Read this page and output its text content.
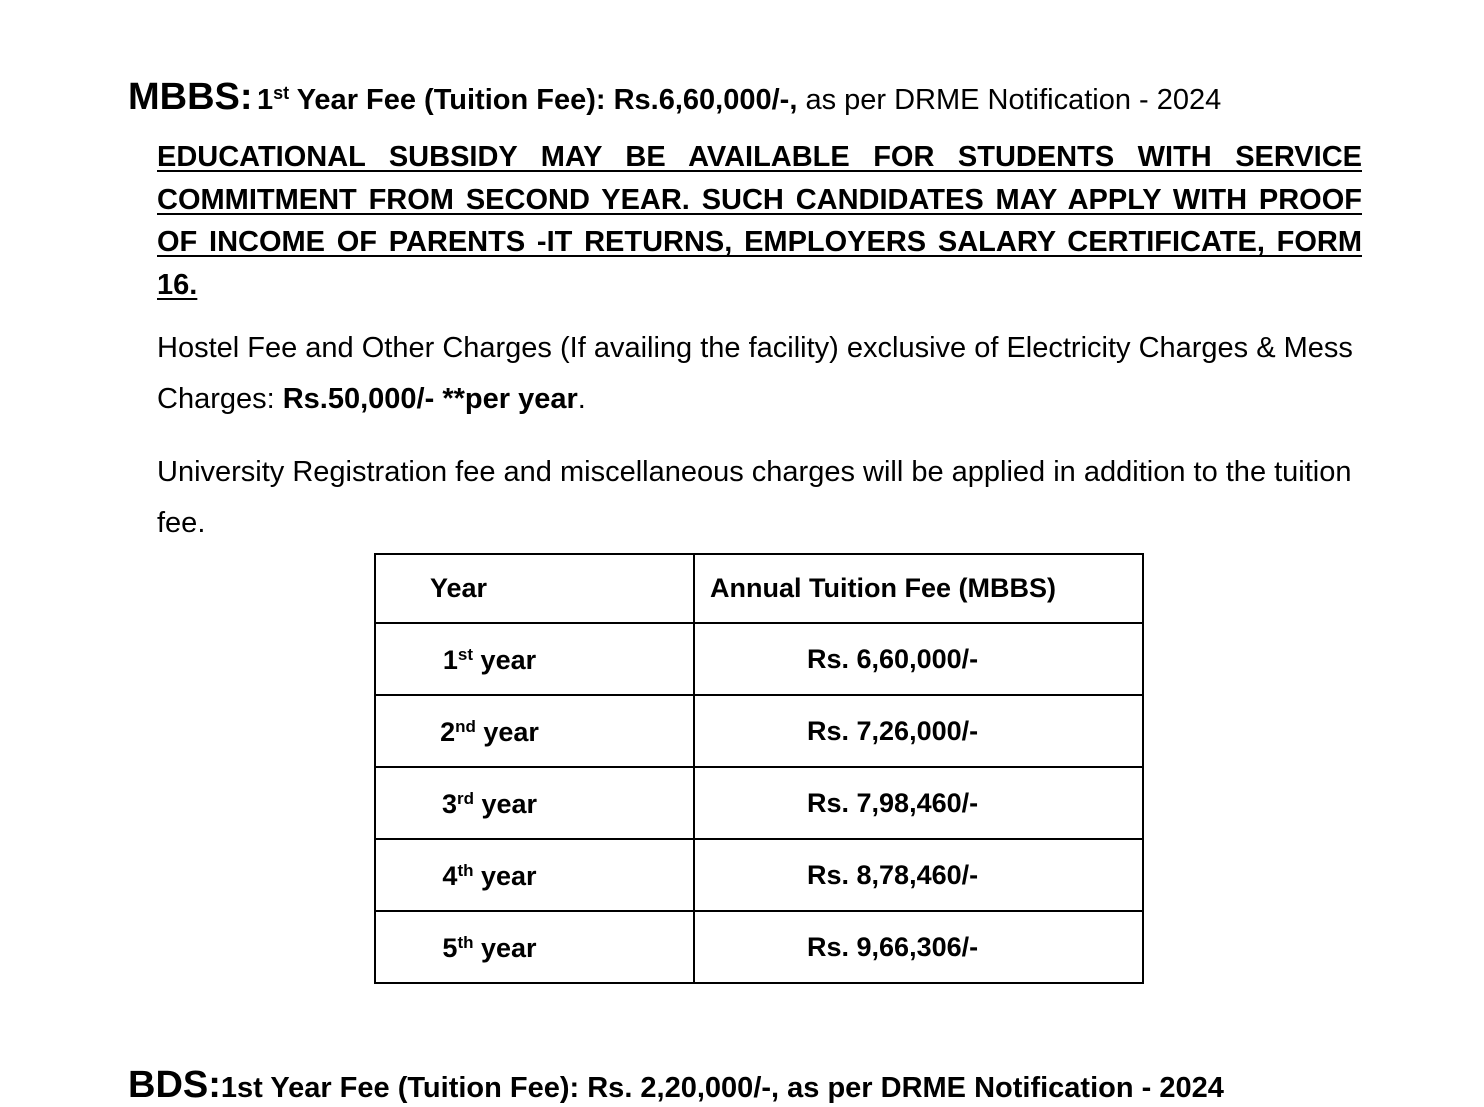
MBBS: 1st Year Fee (Tuition Fee): Rs.6,60,000/-, as per DRME Notification - 2024
EDUCATIONAL SUBSIDY MAY BE AVAILABLE FOR STUDENTS WITH SERVICE COMMITMENT FROM SECOND YEAR. SUCH CANDIDATES MAY APPLY WITH PROOF OF INCOME OF PARENTS -IT RETURNS, EMPLOYERS SALARY CERTIFICATE, FORM 16.
Hostel Fee and Other Charges (If availing the facility) exclusive of Electricity Charges & Mess Charges: Rs.50,000/- **per year.
University Registration fee and miscellaneous charges will be applied in addition to the tuition fee.
Year	Annual Tuition Fee (MBBS)
1st year	Rs. 6,60,000/-
2nd year	Rs. 7,26,000/-
3rd year	Rs. 7,98,460/-
4th year	Rs. 8,78,460/-
5th year	Rs. 9,66,306/-
BDS:1st Year Fee (Tuition Fee): Rs. 2,20,000/-, as per DRME Notification - 2024
